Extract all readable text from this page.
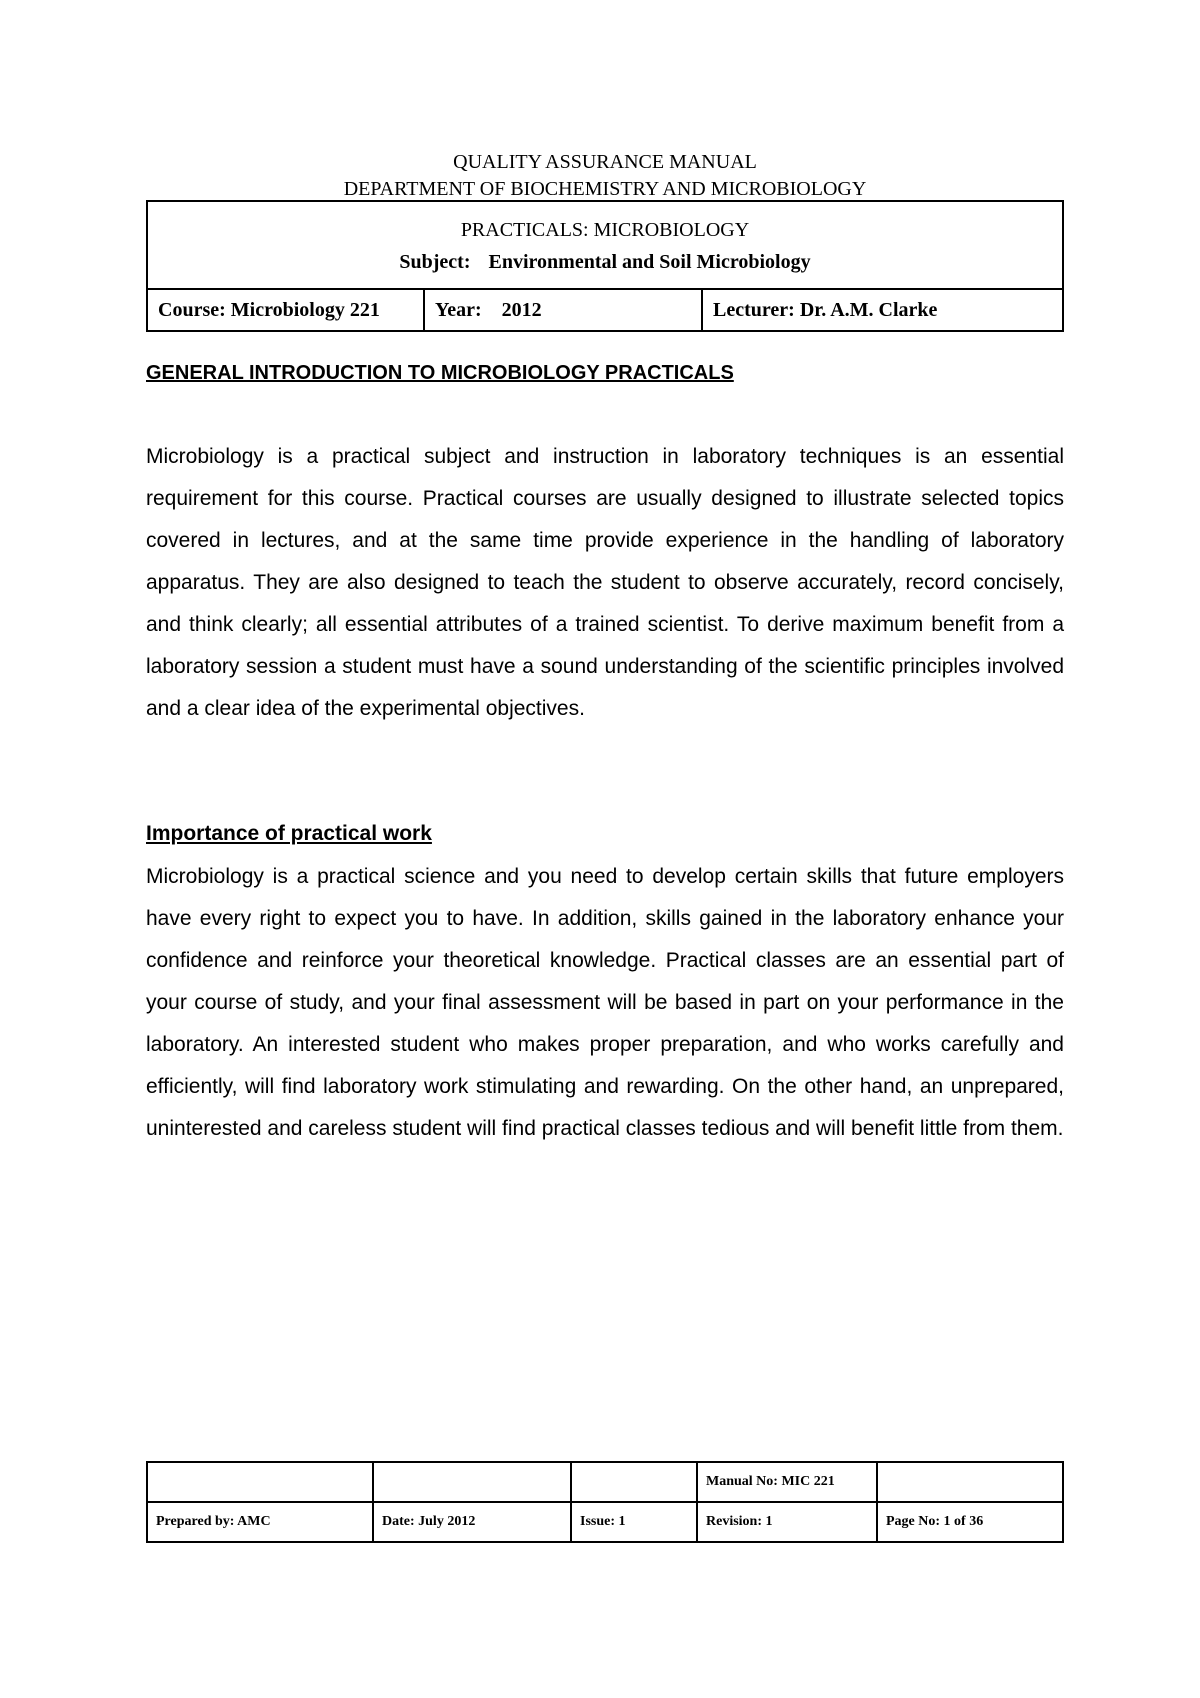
QUALITY ASSURANCE MANUAL
DEPARTMENT OF BIOCHEMISTRY AND MICROBIOLOGY
PRACTICALS: MICROBIOLOGY
Subject: Environmental and Soil Microbiology

Course: Microbiology 221	Year: 2012	Lecturer: Dr. A.M. Clarke
GENERAL INTRODUCTION TO MICROBIOLOGY PRACTICALS

Microbiology is a practical subject and instruction in laboratory techniques is an essential requirement for this course. Practical courses are usually designed to illustrate selected topics covered in lectures, and at the same time provide experience in the handling of laboratory apparatus. They are also designed to teach the student to observe accurately, record concisely, and think clearly; all essential attributes of a trained scientist. To derive maximum benefit from a laboratory session a student must have a sound understanding of the scientific principles involved and a clear idea of the experimental objectives.

Importance of practical work

Microbiology is a practical science and you need to develop certain skills that future employers have every right to expect you to have. In addition, skills gained in the laboratory enhance your confidence and reinforce your theoretical knowledge. Practical classes are an essential part of your course of study, and your final assessment will be based in part on your performance in the laboratory. An interested student who makes proper preparation, and who works carefully and efficiently, will find laboratory work stimulating and rewarding. On the other hand, an unprepared, uninterested and careless student will find practical classes tedious and will benefit little from them.

			Manual No: MIC 221	
Prepared by: AMC	Date: July 2012	Issue: 1	Revision: 1	Page No: 1 of 36
